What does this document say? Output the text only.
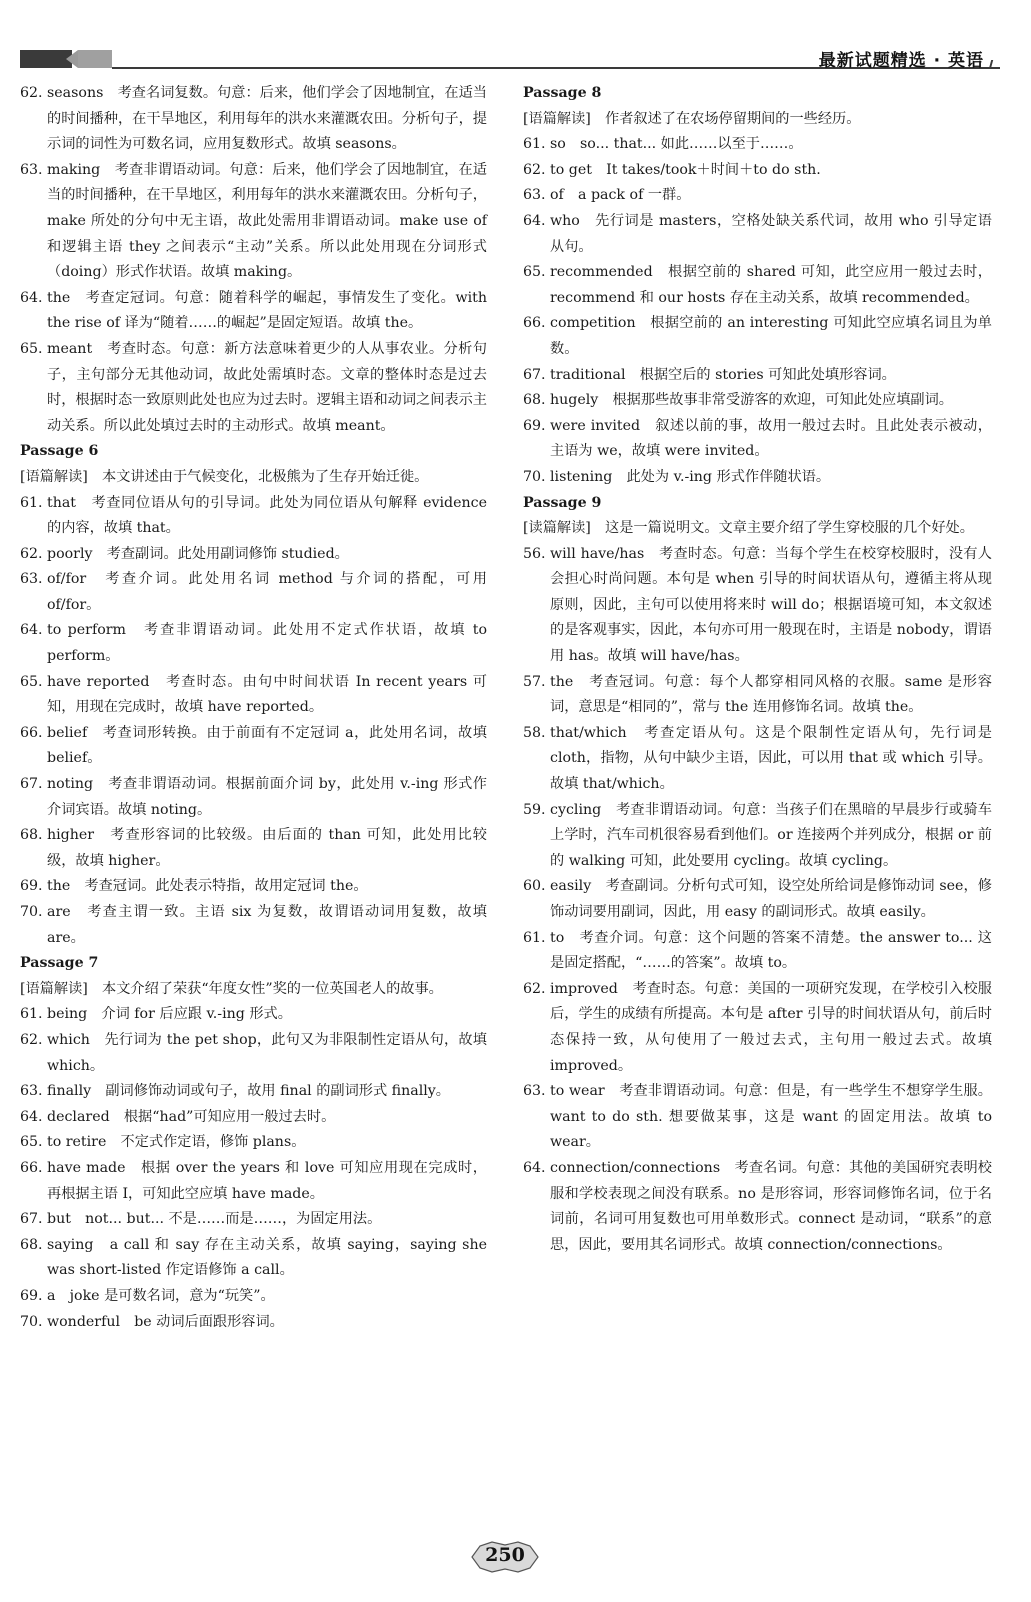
最新试题精选 · 英语
62. seasons　考查名词复数。句意：后来，他们学会了因地制宜，在适当的时间播种，在干旱地区，利用每年的洪水来灌溉农田。分析句子，提示词的词性为可数名词，应用复数形式。故填 seasons。
63. making　考查非谓语动词。句意：后来，他们学会了因地制宜，在适当的时间播种，在干旱地区，利用每年的洪水来灌溉农田。分析句子，make 所处的分句中无主语，故此处需用非谓语动词。make use of 和逻辑主语 they 之间表示“主动”关系。所以此处用现在分词形式（doing）形式作状语。故填 making。
64. the　考查定冠词。句意：随着科学的崛起，事情发生了变化。with the rise of 译为“随着……的崛起”是固定短语。故填 the。
65. meant　考查时态。句意：新方法意味着更少的人从事农业。分析句子，主句部分无其他动词，故此处需填时态。文章的整体时态是过去时，根据时态一致原则此处也应为过去时。逻辑主语和动词之间表示主动关系。所以此处填过去时的主动形式。故填 meant。
Passage 6
[语篇解读]　本文讲述由于气候变化，北极熊为了生存开始迁徙。
61. that　考查同位语从句的引导词。此处为同位语从句解释 evidence 的内容，故填 that。
62. poorly　考查副词。此处用副词修饰 studied。
63. of/for　考查介词。此处用名词 method 与介词的搭配，可用 of/for。
64. to perform　考查非谓语动词。此处用不定式作状语，故填 to perform。
65. have reported　考查时态。由句中时间状语 In recent years 可知，用现在完成时，故填 have reported。
66. belief　考查词形转换。由于前面有不定冠词 a，此处用名词，故填 belief。
67. noting　考查非谓语动词。根据前面介词 by，此处用 v.-ing 形式作介词宾语。故填 noting。
68. higher　考查形容词的比较级。由后面的 than 可知，此处用比较级，故填 higher。
69. the　考查冠词。此处表示特指，故用定冠词 the。
70. are　考查主谓一致。主语 six 为复数，故谓语动词用复数，故填 are。
Passage 7
[语篇解读]　本文介绍了荣获“年度女性”奖的一位英国老人的故事。
61. being　介词 for 后应跟 v.-ing 形式。
62. which　先行词为 the pet shop，此句又为非限制性定语从句，故填 which。
63. finally　副词修饰动词或句子，故用 final 的副词形式 finally。
64. declared　根据“had”可知应用一般过去时。
65. to retire　不定式作定语，修饰 plans。
66. have made　根据 over the years 和 love 可知应用现在完成时，再根据主语 I，可知此空应填 have made。
67. but　not... but... 不是……而是……，为固定用法。
68. saying　a call 和 say 存在主动关系，故填 saying，saying she was short-listed 作定语修饰 a call。
69. a　joke 是可数名词，意为“玩笑”。
70. wonderful　be 动词后面跟形容词。
Passage 8
[语篇解读]　作者叙述了在农场停留期间的一些经历。
61. so　so... that... 如此……以至于……。
62. to get　It takes/took＋时间＋to do sth.
63. of　a pack of 一群。
64. who　先行词是 masters，空格处缺关系代词，故用 who 引导定语从句。
65. recommended　根据空前的 shared 可知，此空应用一般过去时，recommend 和 our hosts 存在主动关系，故填 recommended。
66. competition　根据空前的 an interesting 可知此空应填名词且为单数。
67. traditional　根据空后的 stories 可知此处填形容词。
68. hugely　根据那些故事非常受游客的欢迎，可知此处应填副词。
69. were invited　叙述以前的事，故用一般过去时。且此处表示被动，主语为 we，故填 were invited。
70. listening　此处为 v.-ing 形式作伴随状语。
Passage 9
[读篇解读]　这是一篇说明文。文章主要介绍了学生穿校服的几个好处。
56. will have/has　考查时态。句意：当每个学生在校穿校服时，没有人会担心时尚问题。本句是 when 引导的时间状语从句，遵循主将从现原则，因此，主句可以使用将来时 will do；根据语境可知，本文叙述的是客观事实，因此，本句亦可用一般现在时，主语是 nobody，谓语用 has。故填 will have/has。
57. the　考查冠词。句意：每个人都穿相同风格的衣服。same 是形容词，意思是“相同的”，常与 the 连用修饰名词。故填 the。
58. that/which　考查定语从句。这是个限制性定语从句，先行词是 cloth，指物，从句中缺少主语，因此，可以用 that 或 which 引导。故填 that/which。
59. cycling　考查非谓语动词。句意：当孩子们在黑暗的早晨步行或骑车上学时，汽车司机很容易看到他们。or 连接两个并列成分，根据 or 前的 walking 可知，此处要用 cycling。故填 cycling。
60. easily　考查副词。分析句式可知，设空处所给词是修饰动词 see，修饰动词要用副词，因此，用 easy 的副词形式。故填 easily。
61. to　考查介词。句意：这个问题的答案不清楚。the answer to... 这是固定搭配，“……的答案”。故填 to。
62. improved　考查时态。句意：美国的一项研究发现，在学校引入校服后，学生的成绩有所提高。本句是 after 引导的时间状语从句，前后时态保持一致，从句使用了一般过去式，主句用一般过去式。故填 improved。
63. to wear　考查非谓语动词。句意：但是，有一些学生不想穿学生服。want to do sth. 想要做某事，这是 want 的固定用法。故填 to wear。
64. connection/connections　考查名词。句意：其他的美国研究表明校服和学校表现之间没有联系。no 是形容词，形容词修饰名词，位于名词前，名词可用复数也可用单数形式。connect 是动词，“联系”的意思，因此，要用其名词形式。故填 connection/connections。
250
